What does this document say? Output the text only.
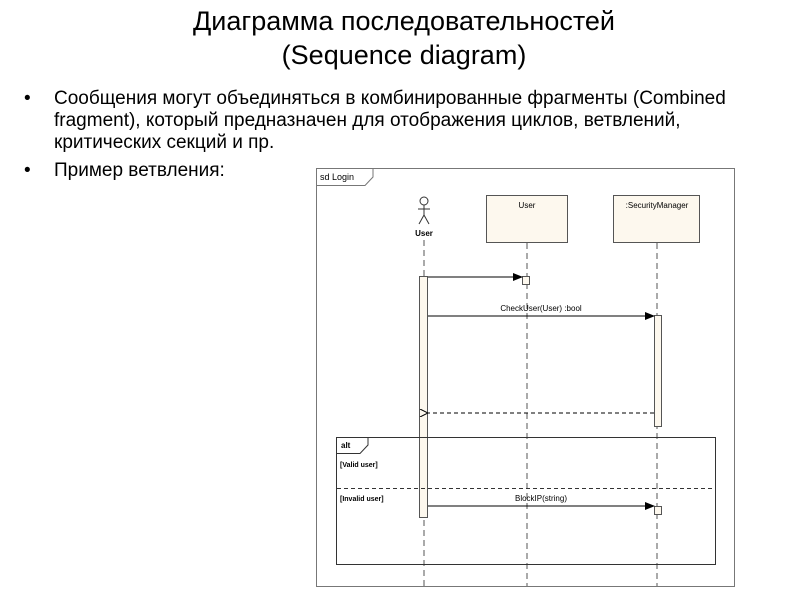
Диаграмма последовательностей
(Sequence diagram)
• Сообщения могут объединяться в комбинированные фрагменты (Combined fragment), который предназначен для отображения циклов, ветвлений, критических секций и пр.
• Пример ветвления:	sd Login
User
User	:SecurityManager
CheckUser(User) :bool
alt
[Valid user]
[Invalid user]	BlockIP(string)
